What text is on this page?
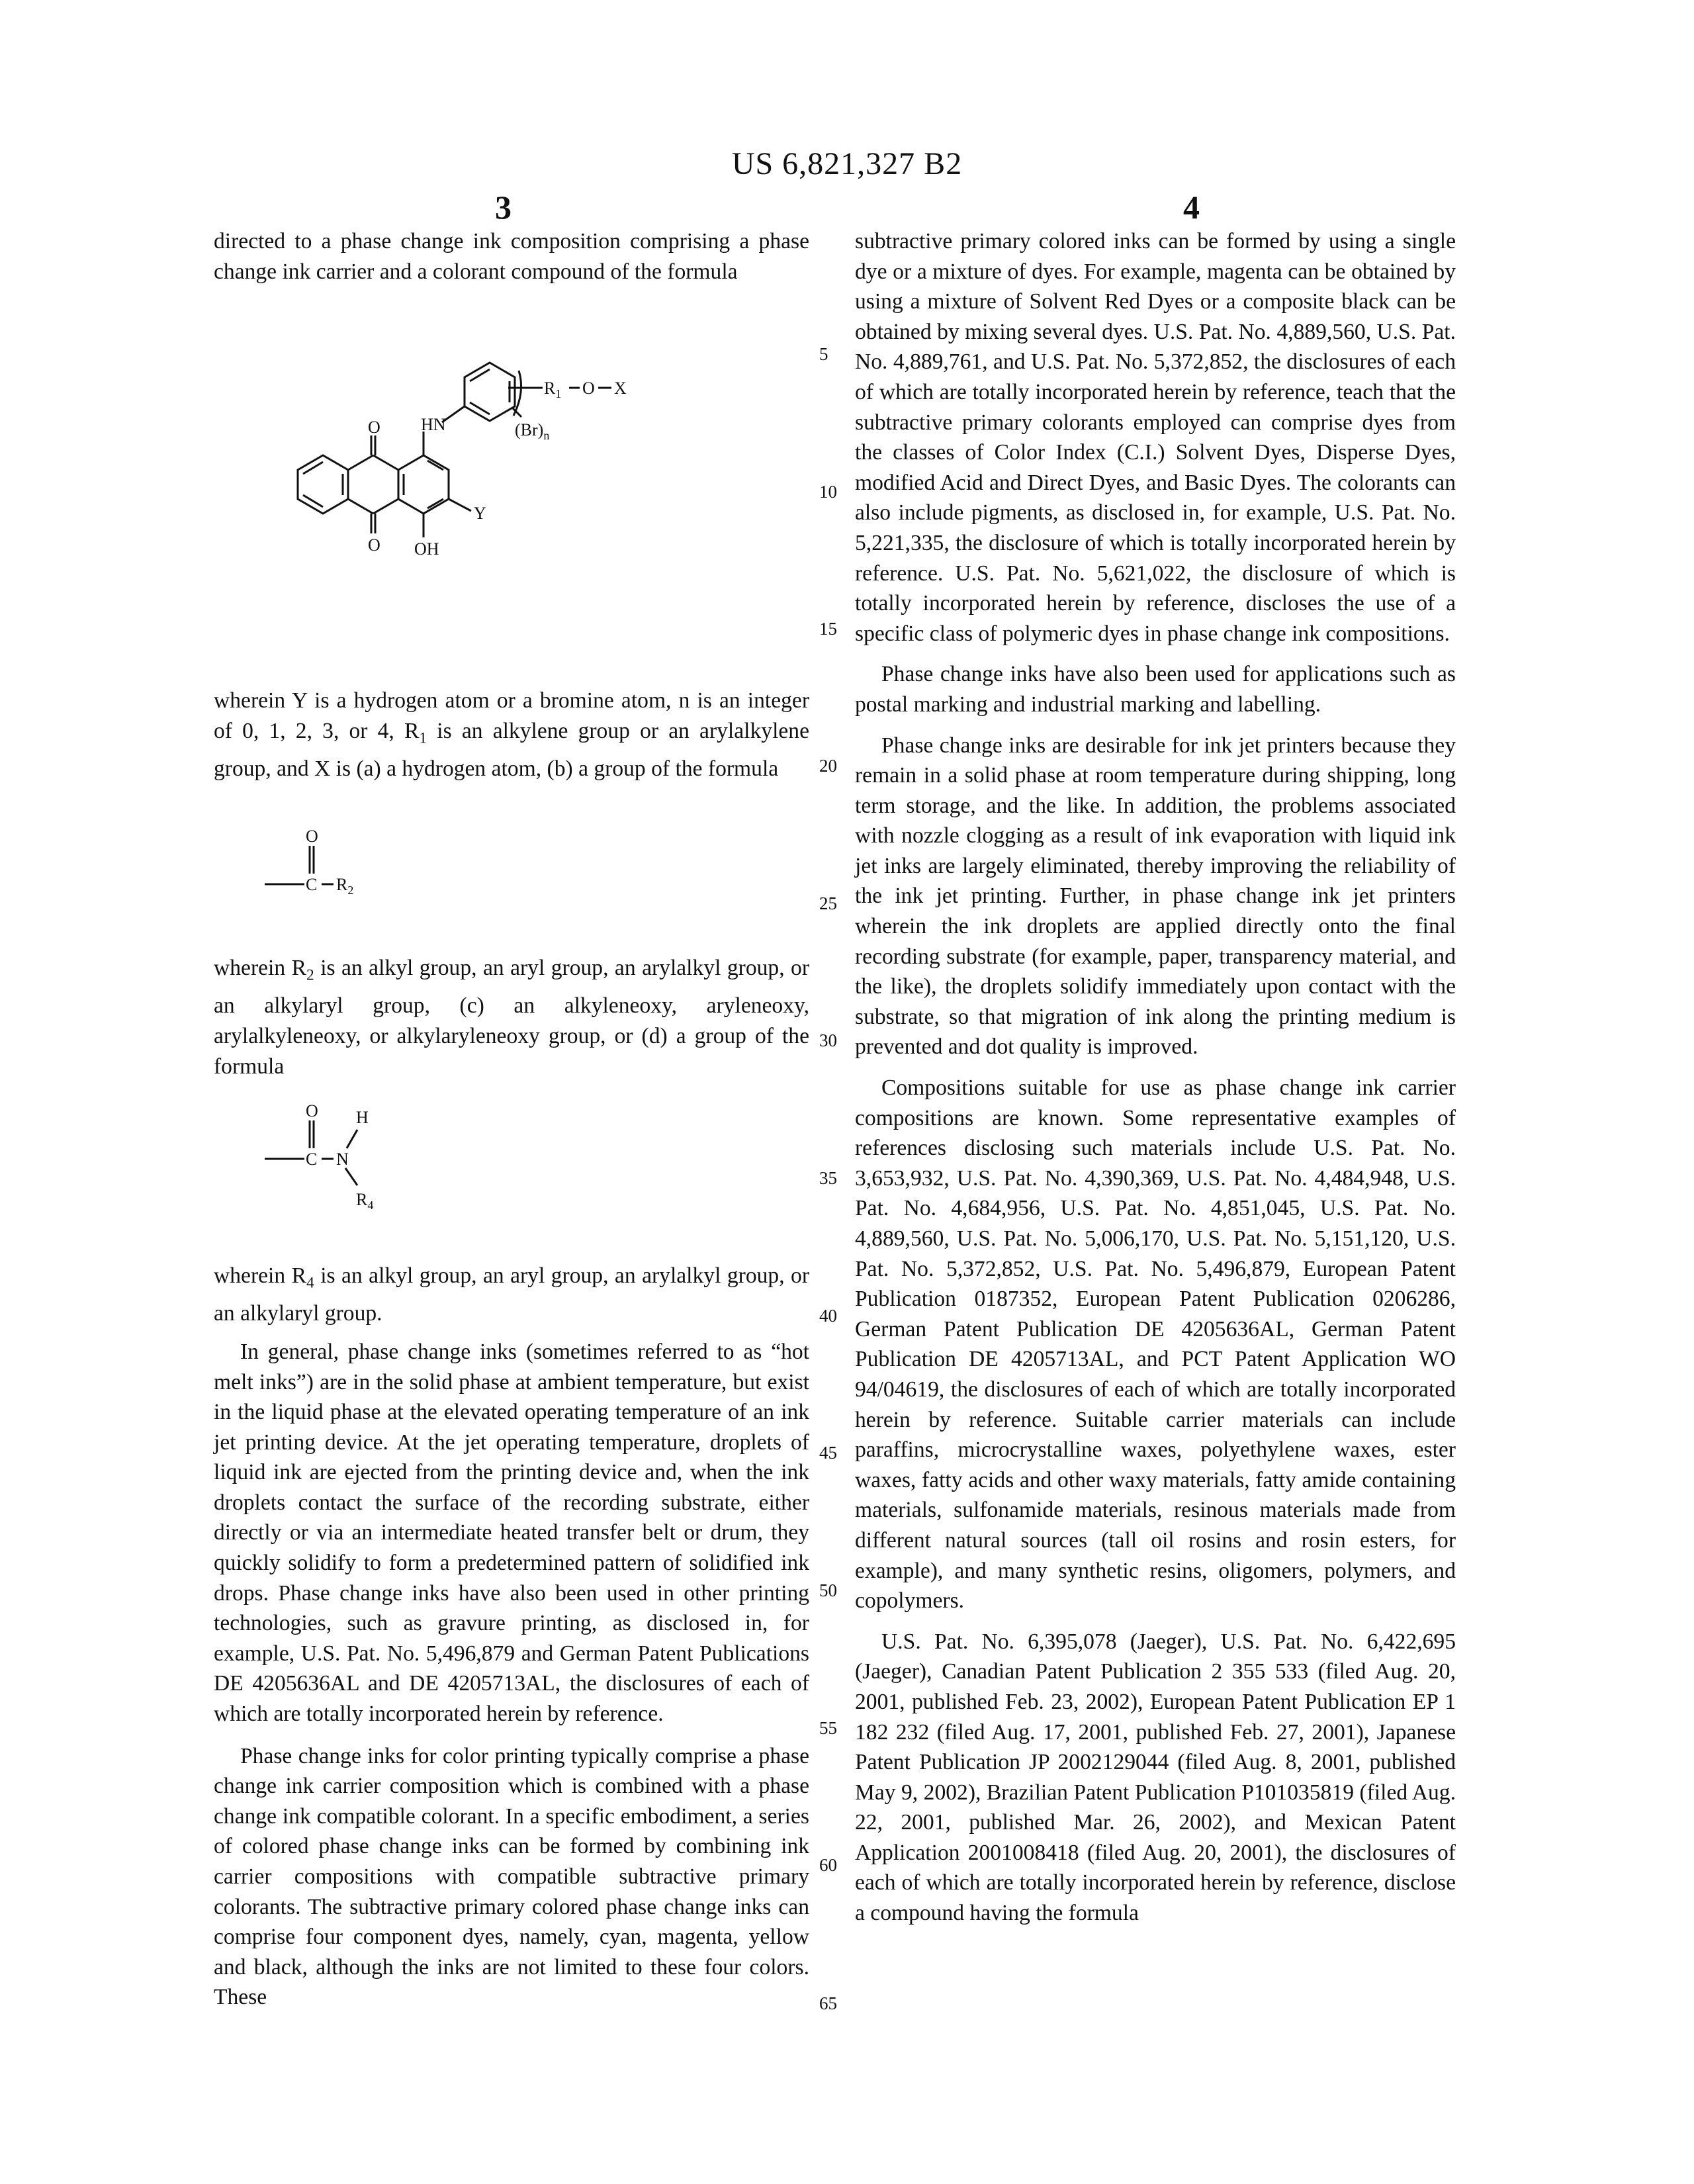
US 6,821,327 B2
3	4

directed to a phase change ink composition comprising a phase change ink carrier and a colorant compound of the formula

R1 O X
HN	(Br)n
O
O OH
Y

wherein Y is a hydrogen atom or a bromine atom, n is an integer of 0, 1, 2, 3, or 4, R1 is an alkylene group or an arylalkylene group, and X is (a) a hydrogen atom, (b) a group of the formula

O
C R2

wherein R2 is an alkyl group, an aryl group, an arylalkyl group, or an alkylaryl group, (c) an alkyleneoxy, aryleneoxy, arylalkyleneoxy, or alkylaryleneoxy group, or (d) a group of the formula

O
C N
H
R4

wherein R4 is an alkyl group, an aryl group, an arylalkyl group, or an alkylaryl group.

In general, phase change inks (sometimes referred to as “hot melt inks”) are in the solid phase at ambient temperature, but exist in the liquid phase at the elevated operating temperature of an ink jet printing device. At the jet operating temperature, droplets of liquid ink are ejected from the printing device and, when the ink droplets contact the surface of the recording substrate, either directly or via an intermediate heated transfer belt or drum, they quickly solidify to form a predetermined pattern of solidified ink drops. Phase change inks have also been used in other printing technologies, such as gravure printing, as disclosed in, for example, U.S. Pat. No. 5,496,879 and German Patent Publications DE 4205636AL and DE 4205713AL, the disclosures of each of which are totally incorporated herein by reference.

Phase change inks for color printing typically comprise a phase change ink carrier composition which is combined with a phase change ink compatible colorant. In a specific embodiment, a series of colored phase change inks can be formed by combining ink carrier compositions with compatible subtractive primary colorants. The subtractive primary colored phase change inks can comprise four component dyes, namely, cyan, magenta, yellow and black, although the inks are not limited to these four colors. These

subtractive primary colored inks can be formed by using a single dye or a mixture of dyes. For example, magenta can be obtained by using a mixture of Solvent Red Dyes or a composite black can be obtained by mixing several dyes. U.S. Pat. No. 4,889,560, U.S. Pat. No. 4,889,761, and U.S. Pat. No. 5,372,852, the disclosures of each of which are totally incorporated herein by reference, teach that the subtractive primary colorants employed can comprise dyes from the classes of Color Index (C.I.) Solvent Dyes, Disperse Dyes, modified Acid and Direct Dyes, and Basic Dyes. The colorants can also include pigments, as disclosed in, for example, U.S. Pat. No. 5,221,335, the disclosure of which is totally incorporated herein by reference. U.S. Pat. No. 5,621,022, the disclosure of which is totally incorporated herein by reference, discloses the use of a specific class of polymeric dyes in phase change ink compositions.

Phase change inks have also been used for applications such as postal marking and industrial marking and labelling.

Phase change inks are desirable for ink jet printers because they remain in a solid phase at room temperature during shipping, long term storage, and the like. In addition, the problems associated with nozzle clogging as a result of ink evaporation with liquid ink jet inks are largely eliminated, thereby improving the reliability of the ink jet printing. Further, in phase change ink jet printers wherein the ink droplets are applied directly onto the final recording substrate (for example, paper, transparency material, and the like), the droplets solidify immediately upon contact with the substrate, so that migration of ink along the printing medium is prevented and dot quality is improved.

Compositions suitable for use as phase change ink carrier compositions are known. Some representative examples of references disclosing such materials include U.S. Pat. No. 3,653,932, U.S. Pat. No. 4,390,369, U.S. Pat. No. 4,484,948, U.S. Pat. No. 4,684,956, U.S. Pat. No. 4,851,045, U.S. Pat. No. 4,889,560, U.S. Pat. No. 5,006,170, U.S. Pat. No. 5,151,120, U.S. Pat. No. 5,372,852, U.S. Pat. No. 5,496,879, European Patent Publication 0187352, European Patent Publication 0206286, German Patent Publication DE 4205636AL, German Patent Publication DE 4205713AL, and PCT Patent Application WO 94/04619, the disclosures of each of which are totally incorporated herein by reference. Suitable carrier materials can include paraffins, microcrystalline waxes, polyethylene waxes, ester waxes, fatty acids and other waxy materials, fatty amide containing materials, sulfonamide materials, resinous materials made from different natural sources (tall oil rosins and rosin esters, for example), and many synthetic resins, oligomers, polymers, and copolymers.

U.S. Pat. No. 6,395,078 (Jaeger), U.S. Pat. No. 6,422,695 (Jaeger), Canadian Patent Publication 2 355 533 (filed Aug. 20, 2001, published Feb. 23, 2002), European Patent Publication EP 1 182 232 (filed Aug. 17, 2001, published Feb. 27, 2001), Japanese Patent Publication JP 2002129044 (filed Aug. 8, 2001, published May 9, 2002), Brazilian Patent Publication P101035819 (filed Aug. 22, 2001, published Mar. 26, 2002), and Mexican Patent Application 2001008418 (filed Aug. 20, 2001), the disclosures of each of which are totally incorporated herein by reference, disclose a compound having the formula

5
10
15
20
25
30
35
40
45
50
55
60
65
